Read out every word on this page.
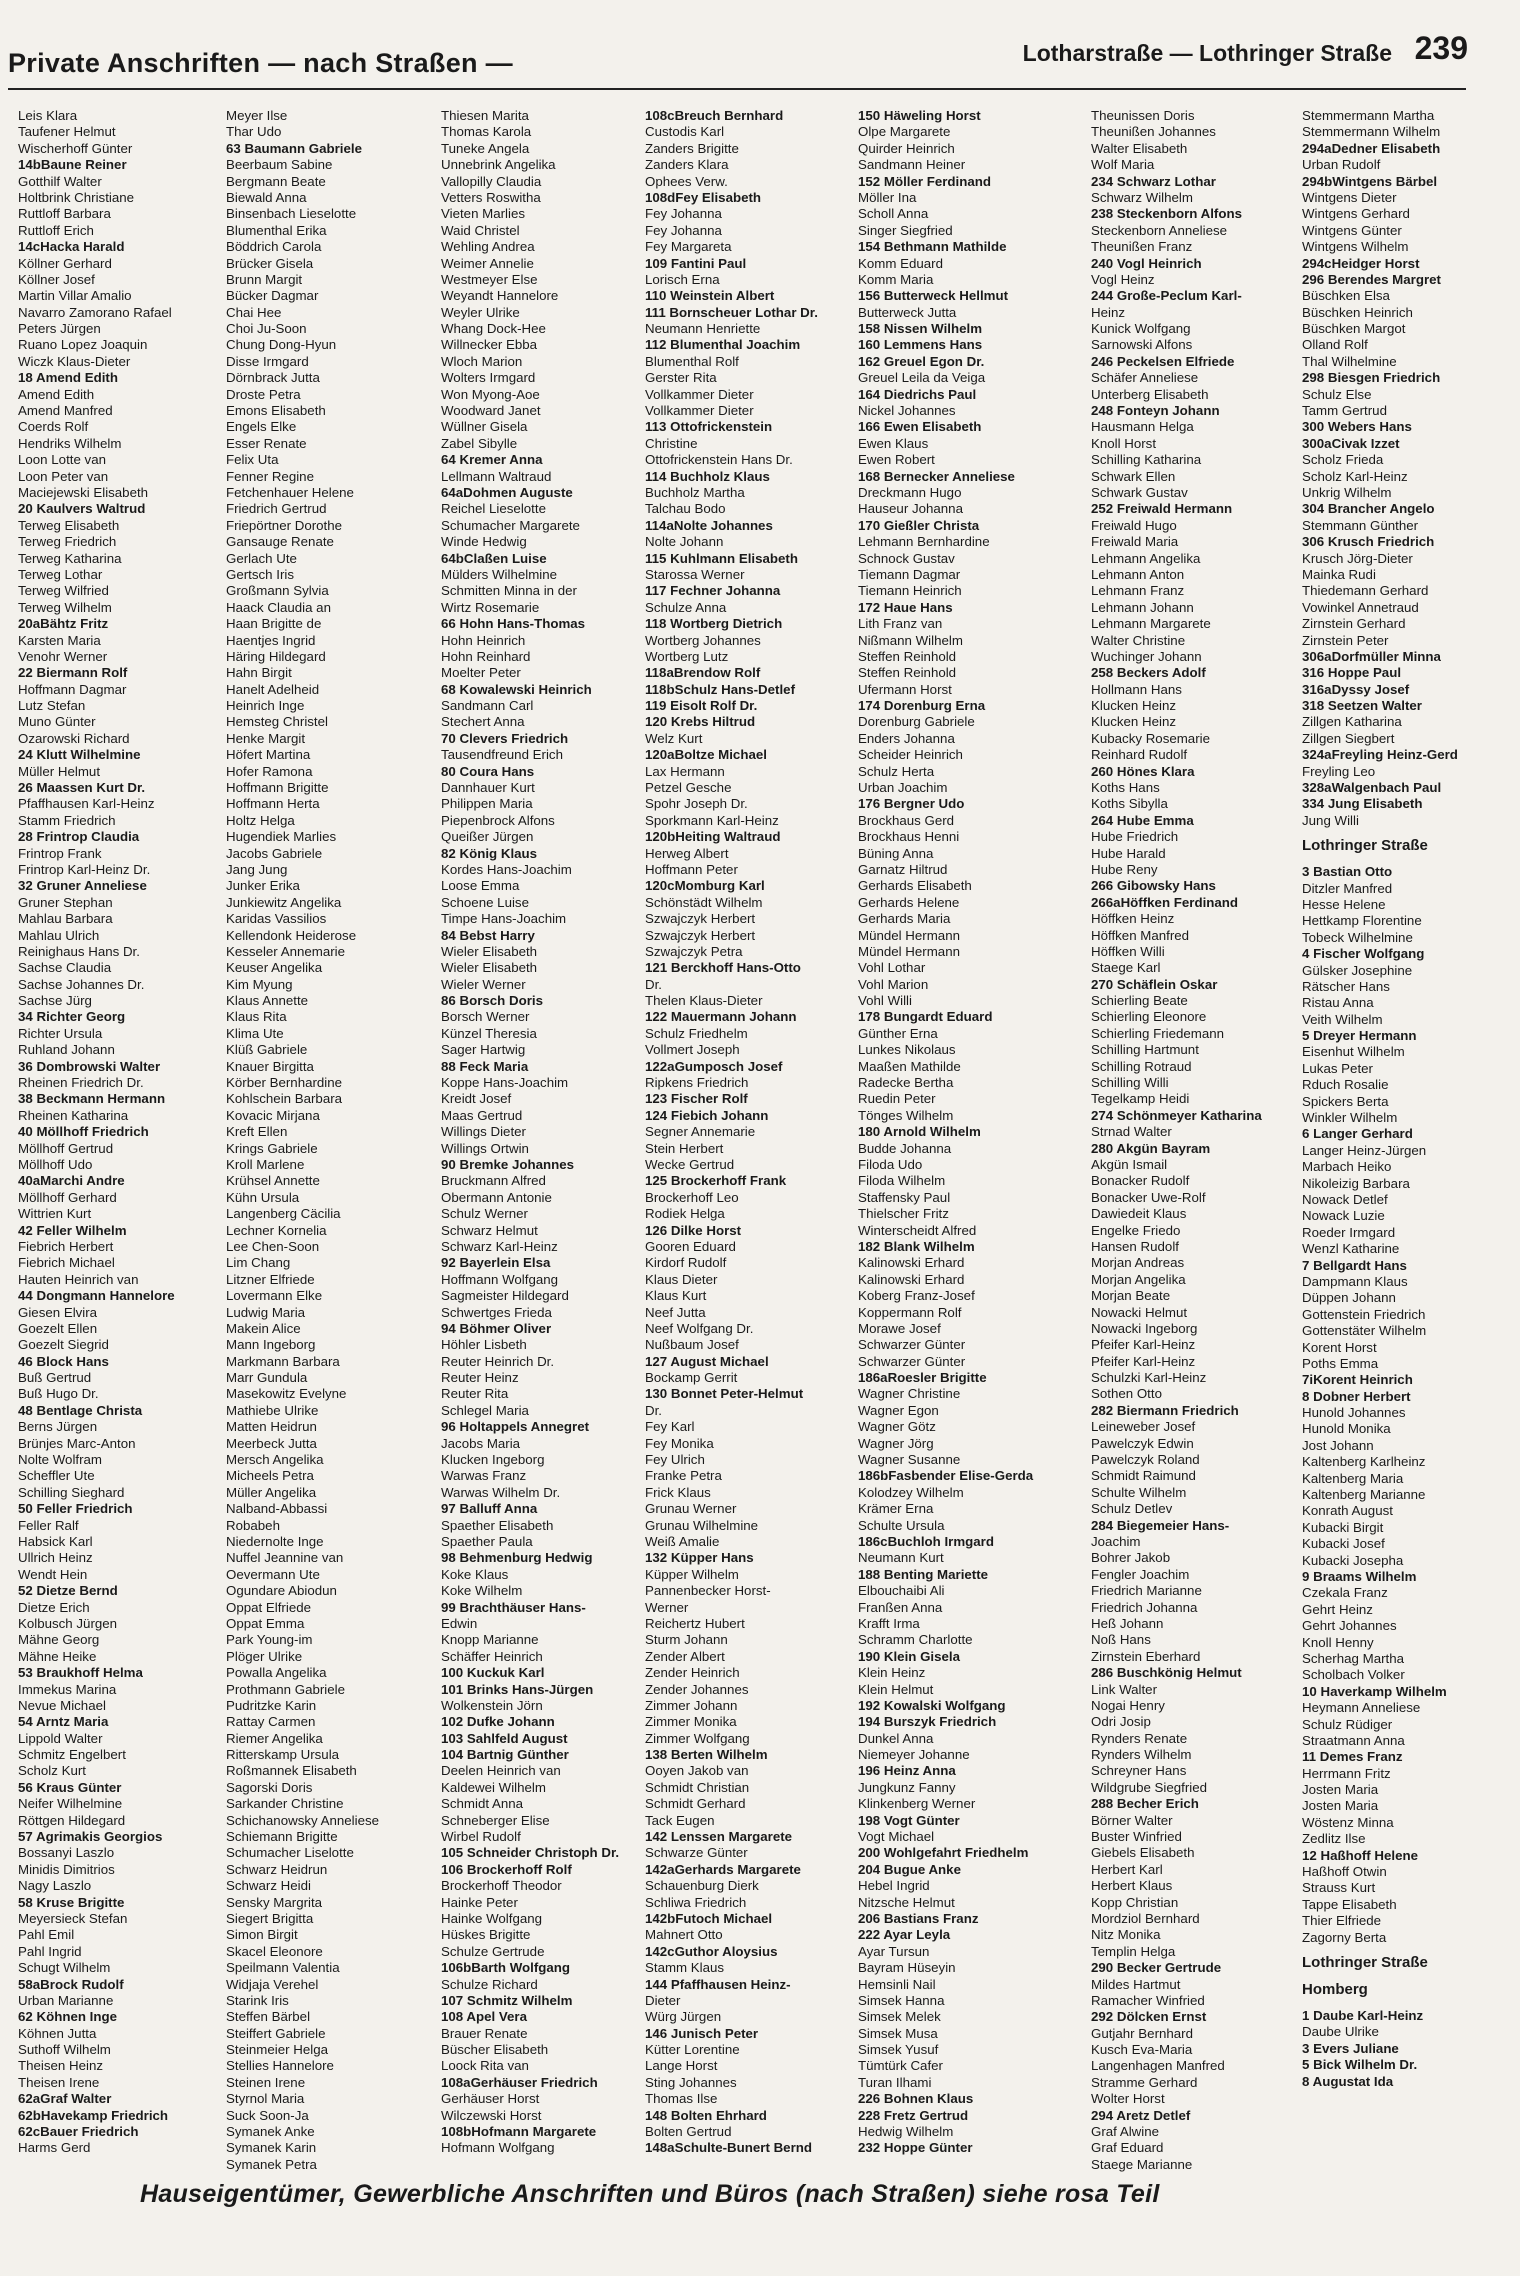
Private Anschriften — nach Straßen —	Lotharstraße — Lothringer Straße 239
Leis Klara
Taufener Helmut
Wischerhoff Günter
14bBaune Reiner
Gotthilf Walter
Holtbrink Christiane
Ruttloff Barbara
Ruttloff Erich
14cHacka Harald
Köllner Gerhard
Köllner Josef
Martin Villar Amalio
Navarro Zamorano Rafael
Peters Jürgen
Ruano Lopez Joaquin
Wiczk Klaus-Dieter
18 Amend Edith
Amend Edith
Amend Manfred
Coerds Rolf
Hendriks Wilhelm
Loon Lotte van
Loon Peter van
Maciejewski Elisabeth
20 Kaulvers Waltrud
Terweg Elisabeth
Terweg Friedrich
Terweg Katharina
Terweg Lothar
Terweg Wilfried
Terweg Wilhelm
20aBähtz Fritz
Karsten Maria
Venohr Werner
22 Biermann Rolf
Hoffmann Dagmar
Lutz Stefan
Muno Günter
Ozarowski Richard
24 Klutt Wilhelmine
Müller Helmut
26 Maassen Kurt Dr.
Pfaffhausen Karl-Heinz
Stamm Friedrich
28 Frintrop Claudia
Frintrop Frank
Frintrop Karl-Heinz Dr.
32 Gruner Anneliese
Gruner Stephan
Mahlau Barbara
Mahlau Ulrich
Reinighaus Hans Dr.
Sachse Claudia
Sachse Johannes Dr.
Sachse Jürg
34 Richter Georg
Richter Ursula
Ruhland Johann
36 Dombrowski Walter
Rheinen Friedrich Dr.
38 Beckmann Hermann
Rheinen Katharina
40 Möllhoff Friedrich
Möllhoff Gertrud
Möllhoff Udo
40aMarchi Andre
Möllhoff Gerhard
Wittrien Kurt
42 Feller Wilhelm
Fiebrich Herbert
Fiebrich Michael
Hauten Heinrich van
44 Dongmann Hannelore
Giesen Elvira
Goezelt Ellen
Goezelt Siegrid
46 Block Hans
Buß Gertrud
Buß Hugo Dr.
48 Bentlage Christa
Berns Jürgen
Brünjes Marc-Anton
Nolte Wolfram
Scheffler Ute
Schilling Sieghard
50 Feller Friedrich
Feller Ralf
Habsick Karl
Ullrich Heinz
Wendt Hein
52 Dietze Bernd
Dietze Erich
Kolbusch Jürgen
Mähne Georg
Mähne Heike
53 Braukhoff Helma
Immekus Marina
Nevue Michael
54 Arntz Maria
Lippold Walter
Schmitz Engelbert
Scholz Kurt
56 Kraus Günter
Neifer Wilhelmine
Röttgen Hildegard
57 Agrimakis Georgios
Bossanyi Laszlo
Minidis Dimitrios
Nagy Laszlo
58 Kruse Brigitte
Meyersieck Stefan
Pahl Emil
Pahl Ingrid
Schugt Wilhelm
58aBrock Rudolf
Urban Marianne
62 Köhnen Inge
Köhnen Jutta
Suthoff Wilhelm
Theisen Heinz
Theisen Irene
62aGraf Walter
62bHavekamp Friedrich
62cBauer Friedrich
Harms Gerd
Meyer Ilse
Thar Udo
63 Baumann Gabriele
Beerbaum Sabine
Bergmann Beate
Biewald Anna
Binsenbach Lieselotte
Blumenthal Erika
Böddrich Carola
Brücker Gisela
Brunn Margit
Bücker Dagmar
Chai Hee
Choi Ju-Soon
Chung Dong-Hyun
Disse Irmgard
Dörnbrack Jutta
Droste Petra
Emons Elisabeth
Engels Elke
Esser Renate
Felix Uta
Fenner Regine
Fetchenhauer Helene
Friedrich Gertrud
Friepörtner Dorothe
Gansauge Renate
Gerlach Ute
Gertsch Iris
Großmann Sylvia
Haack Claudia an
Haan Brigitte de
Haentjes Ingrid
Häring Hildegard
Hahn Birgit
Hanelt Adelheid
Heinrich Inge
Hemsteg Christel
Henke Margit
Höfert Martina
Hofer Ramona
Hoffmann Brigitte
Hoffmann Herta
Holtz Helga
Hugendiek Marlies
Jacobs Gabriele
Jang Jung
Junker Erika
Junkiewitz Angelika
Karidas Vassilios
Kellendonk Heiderose
Kesseler Annemarie
Keuser Angelika
Kim Myung
Klaus Annette
Klaus Rita
Klima Ute
Klüß Gabriele
Knauer Birgitta
Körber Bernhardine
Kohlschein Barbara
Kovacic Mirjana
Kreft Ellen
Krings Gabriele
Kroll Marlene
Krühsel Annette
Kühn Ursula
Langenberg Cäcilia
Lechner Kornelia
Lee Chen-Soon
Lim Chang
Litzner Elfriede
Lovermann Elke
Ludwig Maria
Makein Alice
Mann Ingeborg
Markmann Barbara
Marr Gundula
Masekowitz Evelyne
Mathiebe Ulrike
Matten Heidrun
Meerbeck Jutta
Mersch Angelika
Micheels Petra
Müller Angelika
Nalband-Abbassi
Robabeh
Niedernolte Inge
Nuffel Jeannine van
Oevermann Ute
Ogundare Abiodun
Oppat Elfriede
Oppat Emma
Park Young-im
Plöger Ulrike
Powalla Angelika
Prothmann Gabriele
Pudritzke Karin
Rattay Carmen
Riemer Angelika
Ritterskamp Ursula
Roßmannek Elisabeth
Sagorski Doris
Sarkander Christine
Schichanowsky Anneliese
Schiemann Brigitte
Schumacher Liselotte
Schwarz Heidrun
Schwarz Heidi
Sensky Margrita
Siegert Brigitta
Simon Birgit
Skacel Eleonore
Speilmann Valentia
Widjaja Verehel
Starink Iris
Steffen Bärbel
Steiffert Gabriele
Steinmeier Helga
Stellies Hannelore
Steinen Irene
Styrnol Maria
Suck Soon-Ja
Symanek Anke
Symanek Karin
Symanek Petra
Thiesen Marita
Thomas Karola
Tuneke Angela
Unnebrink Angelika
Vallopilly Claudia
Vetters Roswitha
Vieten Marlies
Waid Christel
Wehling Andrea
Weimer Annelie
Westmeyer Else
Weyandt Hannelore
Weyler Ulrike
Whang Dock-Hee
Willnecker Ebba
Wloch Marion
Wolters Irmgard
Won Myong-Aoe
Woodward Janet
Wüllner Gisela
Zabel Sibylle
64 Kremer Anna
Lellmann Waltraud
64aDohmen Auguste
Reichel Lieselotte
Schumacher Margarete
Winde Hedwig
64bClaßen Luise
Mülders Wilhelmine
Schmitten Minna in der
Wirtz Rosemarie
66 Hohn Hans-Thomas
Hohn Heinrich
Hohn Reinhard
Moelter Peter
68 Kowalewski Heinrich
Sandmann Carl
Stechert Anna
70 Clevers Friedrich
Tausendfreund Erich
80 Coura Hans
Dannhauer Kurt
Philippen Maria
Piepenbrock Alfons
Queißer Jürgen
82 König Klaus
Kordes Hans-Joachim
Loose Emma
Schoene Luise
Timpe Hans-Joachim
84 Bebst Harry
Wieler Elisabeth
Wieler Elisabeth
Wieler Werner
86 Borsch Doris
Borsch Werner
Künzel Theresia
Sager Hartwig
88 Feck Maria
Koppe Hans-Joachim
Kreidt Josef
Maas Gertrud
Willings Dieter
Willings Ortwin
90 Bremke Johannes
Bruckmann Alfred
Obermann Antonie
Schulz Werner
Schwarz Helmut
Schwarz Karl-Heinz
92 Bayerlein Elsa
Hoffmann Wolfgang
Sagmeister Hildegard
Schwertges Frieda
94 Böhmer Oliver
Höhler Lisbeth
Reuter Heinrich Dr.
Reuter Heinz
Reuter Rita
Schlegel Maria
96 Holtappels Annegret
Jacobs Maria
Klucken Ingeborg
Warwas Franz
Warwas Wilhelm Dr.
97 Balluff Anna
Spaether Elisabeth
Spaether Paula
98 Behmenburg Hedwig
Koke Klaus
Koke Wilhelm
99 Brachthäuser Hans-
Edwin
Knopp Marianne
Schäffer Heinrich
100 Kuckuk Karl
101 Brinks Hans-Jürgen
Wolkenstein Jörn
102 Dufke Johann
103 Sahlfeld August
104 Bartnig Günther
Deelen Heinrich van
Kaldewei Wilhelm
Schmidt Anna
Schneberger Elise
Wirbel Rudolf
105 Schneider Christoph Dr.
106 Brockerhoff Rolf
Brockerhoff Theodor
Hainke Peter
Hainke Wolfgang
Hüskes Brigitte
Schulze Gertrude
106bBarth Wolfgang
Schulze Richard
107 Schmitz Wilhelm
108 Apel Vera
Brauer Renate
Büscher Elisabeth
Loock Rita van
108aGerhäuser Friedrich
Gerhäuser Horst
Wilczewski Horst
108bHofmann Margarete
Hofmann Wolfgang
108cBreuch Bernhard
Custodis Karl
Zanders Brigitte
Zanders Klara
Ophees Verw.
108dFey Elisabeth
Fey Johanna
Fey Johanna
Fey Margareta
109 Fantini Paul
Lorisch Erna
110 Weinstein Albert
111 Bornscheuer Lothar Dr.
Neumann Henriette
112 Blumenthal Joachim
Blumenthal Rolf
Gerster Rita
Vollkammer Dieter
Vollkammer Dieter
113 Ottofrickenstein
Christine
Ottofrickenstein Hans Dr.
114 Buchholz Klaus
Buchholz Martha
Talchau Bodo
114aNolte Johannes
Nolte Johann
115 Kuhlmann Elisabeth
Starossa Werner
117 Fechner Johanna
Schulze Anna
118 Wortberg Dietrich
Wortberg Johannes
Wortberg Lutz
118aBrendow Rolf
118bSchulz Hans-Detlef
119 Eisolt Rolf Dr.
120 Krebs Hiltrud
Welz Kurt
120aBoltze Michael
Lax Hermann
Petzel Gesche
Spohr Joseph Dr.
Sporkmann Karl-Heinz
120bHeiting Waltraud
Herweg Albert
Hoffmann Peter
120cMomburg Karl
Schönstädt Wilhelm
Szwajczyk Herbert
Szwajczyk Herbert
Szwajczyk Petra
121 Berckhoff Hans-Otto
Dr.
Thelen Klaus-Dieter
122 Mauermann Johann
Schulz Friedhelm
Vollmert Joseph
122aGumposch Josef
Ripkens Friedrich
123 Fischer Rolf
124 Fiebich Johann
Segner Annemarie
Stein Herbert
Wecke Gertrud
125 Brockerhoff Frank
Brockerhoff Leo
Rodiek Helga
126 Dilke Horst
Gooren Eduard
Kirdorf Rudolf
Klaus Dieter
Klaus Kurt
Neef Jutta
Neef Wolfgang Dr.
Nußbaum Josef
127 August Michael
Bockamp Gerrit
130 Bonnet Peter-Helmut
Dr.
Fey Karl
Fey Monika
Fey Ulrich
Franke Petra
Frick Klaus
Grunau Werner
Grunau Wilhelmine
Weiß Amalie
132 Küpper Hans
Küpper Wilhelm
Pannenbecker Horst-
Werner
Reichertz Hubert
Sturm Johann
Zender Albert
Zender Heinrich
Zender Johannes
Zimmer Johann
Zimmer Monika
Zimmer Wolfgang
138 Berten Wilhelm
Ooyen Jakob van
Schmidt Christian
Schmidt Gerhard
Tack Eugen
142 Lenssen Margarete
Schwarze Günter
142aGerhards Margarete
Schauenburg Dierk
Schliwa Friedrich
142bFutoch Michael
Mahnert Otto
142cGuthor Aloysius
Stamm Klaus
144 Pfaffhausen Heinz-
Dieter
Würg Jürgen
146 Junisch Peter
Kütter Lorentine
Lange Horst
Sting Johannes
Thomas Ilse
148 Bolten Ehrhard
Bolten Gertrud
148aSchulte-Bunert Bernd
150 Häweling Horst
Olpe Margarete
Quirder Heinrich
Sandmann Heiner
152 Möller Ferdinand
Möller Ina
Scholl Anna
Singer Siegfried
154 Bethmann Mathilde
Komm Eduard
Komm Maria
156 Butterweck Hellmut
Butterweck Jutta
158 Nissen Wilhelm
160 Lemmens Hans
162 Greuel Egon Dr.
Greuel Leila da Veiga
164 Diedrichs Paul
Nickel Johannes
166 Ewen Elisabeth
Ewen Klaus
Ewen Robert
168 Bernecker Anneliese
Dreckmann Hugo
Hauseur Johanna
170 Gießler Christa
Lehmann Bernhardine
Schnock Gustav
Tiemann Dagmar
Tiemann Heinrich
172 Haue Hans
Lith Franz van
Nißmann Wilhelm
Steffen Reinhold
Steffen Reinhold
Ufermann Horst
174 Dorenburg Erna
Dorenburg Gabriele
Enders Johanna
Scheider Heinrich
Schulz Herta
Urban Joachim
176 Bergner Udo
Brockhaus Gerd
Brockhaus Henni
Büning Anna
Garnatz Hiltrud
Gerhards Elisabeth
Gerhards Helene
Gerhards Maria
Mündel Hermann
Mündel Hermann
Vohl Lothar
Vohl Marion
Vohl Willi
178 Bungardt Eduard
Günther Erna
Lunkes Nikolaus
Maaßen Mathilde
Radecke Bertha
Ruedin Peter
Tönges Wilhelm
180 Arnold Wilhelm
Budde Johanna
Filoda Udo
Filoda Wilhelm
Staffensky Paul
Thielscher Fritz
Winterscheidt Alfred
182 Blank Wilhelm
Kalinowski Erhard
Kalinowski Erhard
Koberg Franz-Josef
Koppermann Rolf
Morawe Josef
Schwarzer Günter
Schwarzer Günter
186aRoesler Brigitte
Wagner Christine
Wagner Egon
Wagner Götz
Wagner Jörg
Wagner Susanne
186bFasbender Elise-Gerda
Kolodzey Wilhelm
Krämer Erna
Schulte Ursula
186cBuchloh Irmgard
Neumann Kurt
188 Benting Mariette
Elbouchaibi Ali
Franßen Anna
Krafft Irma
Schramm Charlotte
190 Klein Gisela
Klein Heinz
Klein Helmut
192 Kowalski Wolfgang
194 Burszyk Friedrich
Dunkel Anna
Niemeyer Johanne
196 Heinz Anna
Jungkunz Fanny
Klinkenberg Werner
198 Vogt Günter
Vogt Michael
200 Wohlgefahrt Friedhelm
204 Bugue Anke
Hebel Ingrid
Nitzsche Helmut
206 Bastians Franz
222 Ayar Leyla
Ayar Tursun
Bayram Hüseyin
Hemsinli Nail
Simsek Hanna
Simsek Melek
Simsek Musa
Simsek Yusuf
Tümtürk Cafer
Turan Ilhami
226 Bohnen Klaus
228 Fretz Gertrud
Hedwig Wilhelm
232 Hoppe Günter
Theunissen Doris
Theunißen Johannes
Walter Elisabeth
Wolf Maria
234 Schwarz Lothar
Schwarz Wilhelm
238 Steckenborn Alfons
Steckenborn Anneliese
Theunißen Franz
240 Vogl Heinrich
Vogl Heinz
244 Große-Peclum Karl-
Heinz
Kunick Wolfgang
Sarnowski Alfons
246 Peckelsen Elfriede
Schäfer Anneliese
Unterberg Elisabeth
248 Fonteyn Johann
Hausmann Helga
Knoll Horst
Schilling Katharina
Schwark Ellen
Schwark Gustav
252 Freiwald Hermann
Freiwald Hugo
Freiwald Maria
Lehmann Angelika
Lehmann Anton
Lehmann Franz
Lehmann Johann
Lehmann Margarete
Walter Christine
Wuchinger Johann
258 Beckers Adolf
Hollmann Hans
Klucken Heinz
Klucken Heinz
Kubacky Rosemarie
Reinhard Rudolf
260 Hönes Klara
Koths Hans
Koths Sibylla
264 Hube Emma
Hube Friedrich
Hube Harald
Hube Reny
266 Gibowsky Hans
266aHöffken Ferdinand
Höffken Heinz
Höffken Manfred
Höffken Willi
Staege Karl
270 Schäflein Oskar
Schierling Beate
Schierling Eleonore
Schierling Friedemann
Schilling Hartmunt
Schilling Rotraud
Schilling Willi
Tegelkamp Heidi
274 Schönmeyer Katharina
Strnad Walter
280 Akgün Bayram
Akgün Ismail
Bonacker Rudolf
Bonacker Uwe-Rolf
Dawiedeit Klaus
Engelke Friedo
Hansen Rudolf
Morjan Andreas
Morjan Angelika
Morjan Beate
Nowacki Helmut
Nowacki Ingeborg
Pfeifer Karl-Heinz
Pfeifer Karl-Heinz
Schulzki Karl-Heinz
Sothen Otto
282 Biermann Friedrich
Leineweber Josef
Pawelczyk Edwin
Pawelczyk Roland
Schmidt Raimund
Schulte Wilhelm
Schulz Detlev
284 Biegemeier Hans-
Joachim
Bohrer Jakob
Fengler Joachim
Friedrich Marianne
Friedrich Johanna
Heß Johann
Noß Hans
Zirnstein Eberhard
286 Buschkönig Helmut
Link Walter
Nogai Henry
Odri Josip
Rynders Renate
Rynders Wilhelm
Schreyner Hans
Wildgrube Siegfried
288 Becher Erich
Börner Walter
Buster Winfried
Giebels Elisabeth
Herbert Karl
Herbert Klaus
Kopp Christian
Mordziol Bernhard
Nitz Monika
Templin Helga
290 Becker Gertrude
Mildes Hartmut
Ramacher Winfried
292 Dölcken Ernst
Gutjahr Bernhard
Kusch Eva-Maria
Langenhagen Manfred
Stramme Gerhard
Wolter Horst
294 Aretz Detlef
Graf Alwine
Graf Eduard
Staege Marianne
Stemmermann Martha
Stemmermann Wilhelm
294aDedner Elisabeth
Urban Rudolf
294bWintgens Bärbel
Wintgens Dieter
Wintgens Gerhard
Wintgens Günter
Wintgens Wilhelm
294cHeidger Horst
296 Berendes Margret
Büschken Elsa
Büschken Heinrich
Büschken Margot
Olland Rolf
Thal Wilhelmine
298 Biesgen Friedrich
Schulz Else
Tamm Gertrud
300 Webers Hans
300aCivak Izzet
Scholz Frieda
Scholz Karl-Heinz
Unkrig Wilhelm
304 Brancher Angelo
Stemmann Günther
306 Krusch Friedrich
Krusch Jörg-Dieter
Mainka Rudi
Thiedemann Gerhard
Vowinkel Annetraud
Zirnstein Gerhard
Zirnstein Peter
306aDorfmüller Minna
316 Hoppe Paul
316aDyssy Josef
318 Seetzen Walter
Zillgen Katharina
Zillgen Siegbert
324aFreyling Heinz-Gerd
Freyling Leo
328aWalgenbach Paul
334 Jung Elisabeth
Jung Willi
Lothringer Straße
3 Bastian Otto
Ditzler Manfred
Hesse Helene
Hettkamp Florentine
Tobeck Wilhelmine
4 Fischer Wolfgang
Gülsker Josephine
Rätscher Hans
Ristau Anna
Veith Wilhelm
5 Dreyer Hermann
Eisenhut Wilhelm
Lukas Peter
Rduch Rosalie
Spickers Berta
Winkler Wilhelm
6 Langer Gerhard
Langer Heinz-Jürgen
Marbach Heiko
Nikoleizig Barbara
Nowack Detlef
Nowack Luzie
Roeder Irmgard
Wenzl Katharine
7 Bellgardt Hans
Dampmann Klaus
Düppen Johann
Gottenstein Friedrich
Gottenstäter Wilhelm
Korent Horst
Poths Emma
7iKorent Heinrich
8 Dobner Herbert
Hunold Johannes
Hunold Monika
Jost Johann
Kaltenberg Karlheinz
Kaltenberg Maria
Kaltenberg Marianne
Konrath August
Kubacki Birgit
Kubacki Josef
Kubacki Josepha
9 Braams Wilhelm
Czekala Franz
Gehrt Heinz
Gehrt Johannes
Knoll Henny
Scherhag Martha
Scholbach Volker
10 Haverkamp Wilhelm
Heymann Anneliese
Schulz Rüdiger
Straatmann Anna
11 Demes Franz
Herrmann Fritz
Josten Maria
Josten Maria
Wöstenz Minna
Zedlitz Ilse
12 Haßhoff Helene
Haßhoff Otwin
Strauss Kurt
Tappe Elisabeth
Thier Elfriede
Zagorny Berta
Lothringer Straße
Homberg
1 Daube Karl-Heinz
Daube Ulrike
3 Evers Juliane
5 Bick Wilhelm Dr.
8 Augustat Ida
Hauseigentümer, Gewerbliche Anschriften und Büros (nach Straßen) siehe rosa Teil
